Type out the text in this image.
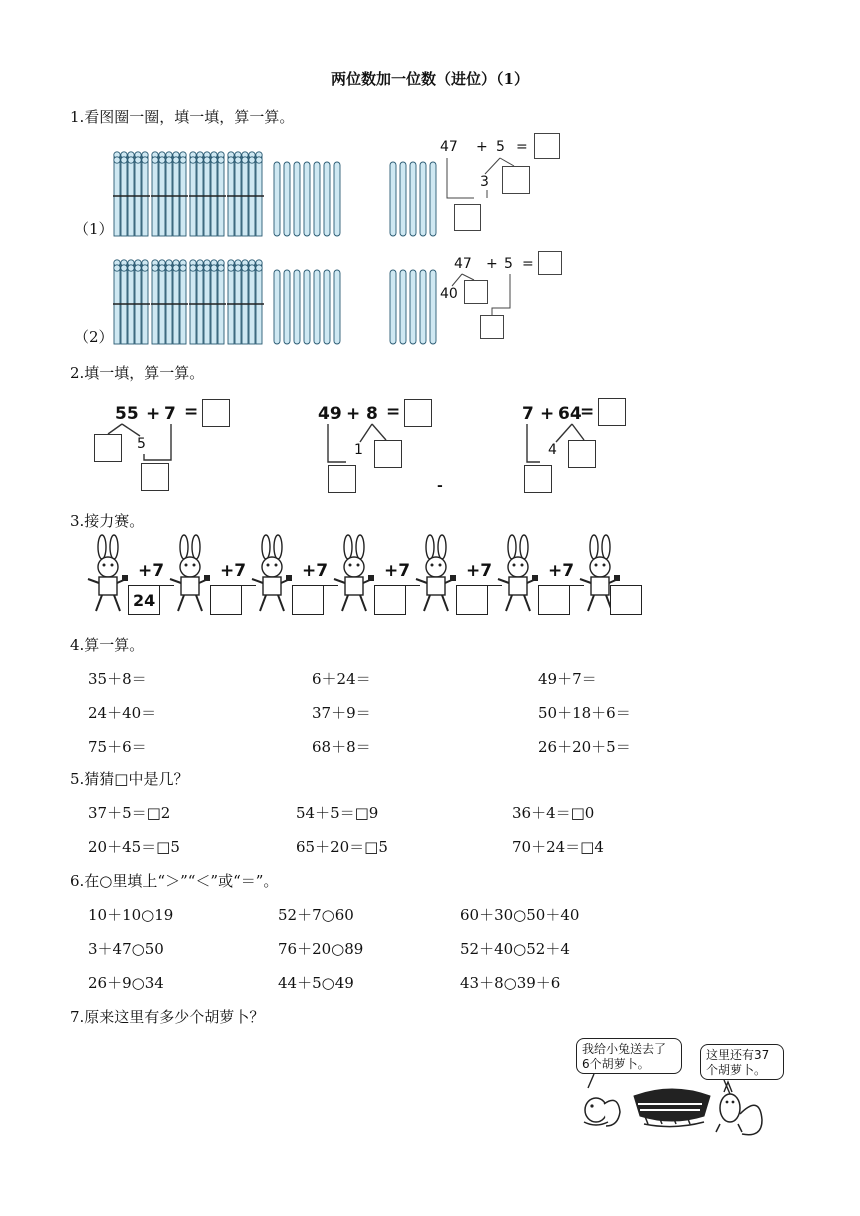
两位数加一位数（进位）（1）
1.看图圈一圈，填一填，算一算。
（1）
47 + 5 =
3
（2）
47 + 5 =
40
2.填一填，算一算。
55 + 7 =
5
49 + 8 =
1
-
7 + 64
=
4
3.接力赛。
+7
24
+7	+7	+7	+7	+7
4.算一算。
35＋8＝	6＋24＝	49＋7＝
24＋40＝	37＋9＝	50＋18＋6＝
75＋6＝	68＋8＝	26＋20＋5＝
5.猜猜□中是几？
37＋5＝□2	54＋5＝□9	36＋4＝□0
20＋45＝□5	65＋20＝□5	70＋24＝□4
6.在○里填上“＞”“＜”或“＝”。
10＋10○19	52＋7○60	60＋30○50＋40
3＋47○50	76＋20○89	52＋40○52＋4
26＋9○34	44＋5○49	43＋8○39＋6
7.原来这里有多少个胡萝卜？
我给小兔送去了
6个胡萝卜。
这里还有37
个胡萝卜。
